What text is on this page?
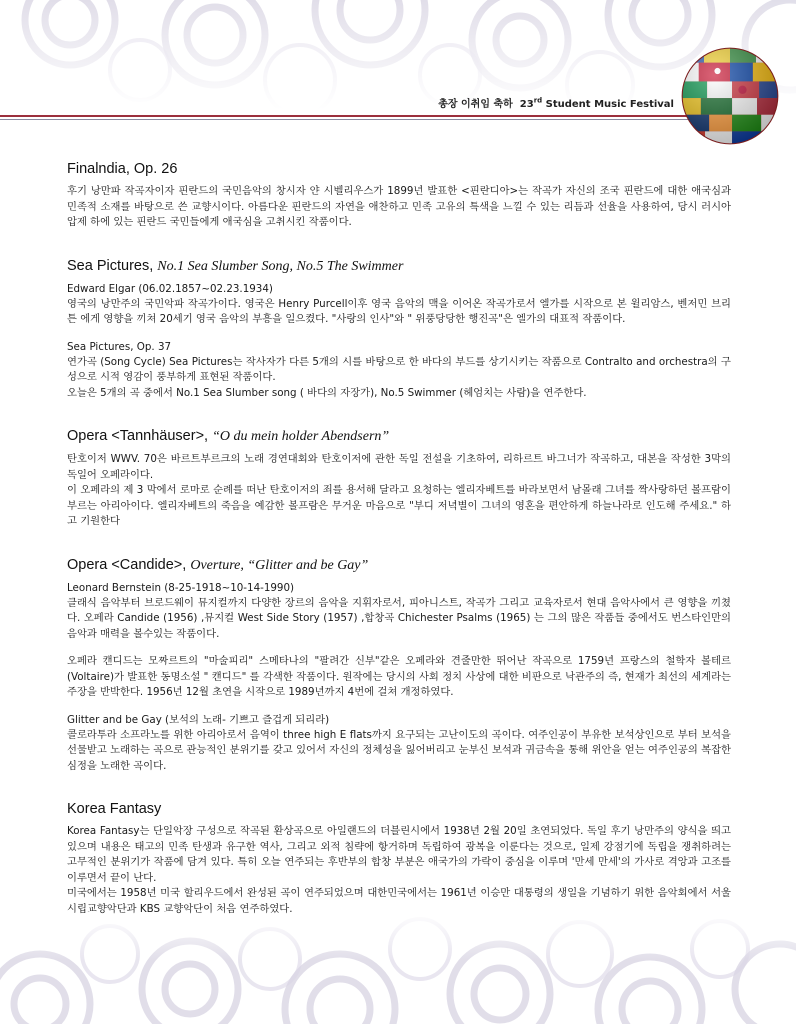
총장 이취임 축하 23rd Student Music Festival
Finalndia, Op. 26

후기 낭만파 작곡자이자 핀란드의 국민음악의 창시자 얀 시벨리우스가 1899년 발표한 <핀란디아>는 작곡가 자신의 조국 핀란드에 대한 애국심과 민족적 소재를 바탕으로 쓴 교향시이다. 아름다운 핀란드의 자연을 애찬하고 민족 고유의 특색을 느낄 수 있는 리듬과 선율을 사용하여, 당시 러시아 압제 하에 있는 핀란드 국민들에게 애국심을 고취시킨 작품이다.

Sea Pictures, No.1 Sea Slumber Song, No.5 The Swimmer

Edward Elgar (06.02.1857~02.23.1934)

영국의 낭만주의 국민악파 작곡가이다. 영국은 Henry Purcell이후 영국 음악의 맥을 이어온 작곡가로서 엘가를 시작으로 본 윌리암스, 벤저민 브리튼 에게 영향을 끼쳐 20세기 영국 음악의 부흥을 일으켰다. "사랑의 인사"와 " 위풍당당한 행진곡"은 엘가의 대표적 작품이다.

Sea Pictures, Op. 37

연가곡 (Song Cycle) Sea Pictures는 작사자가 다른 5개의 시를 바탕으로 한 바다의 부드를 상기시키는 작품으로 Contralto and orchestra의 구성으로 시적 영감이 풍부하게 표현된 작품이다.

오늘은 5개의 곡 중에서 No.1 Sea Slumber song ( 바다의 자장가), No.5 Swimmer (헤엄치는 사람)을 연주한다.

Opera <Tannhäuser>, “O du mein holder Abendsern”

탄호이저 WWV. 70은 바르트부르크의 노래 경연대회와 탄호이저에 관한 독일 전설을 기초하여, 리하르트 바그너가 작곡하고, 대본을 작성한 3막의 독일어 오페라이다.

이 오페라의 제 3 막에서 로마로 순례를 떠난 탄호이저의 죄를 용서해 달라고 요청하는 엘리자베트를 바라보면서 남몰래 그녀를 짝사랑하던 볼프람이 부르는 아리아이다. 엘리자베트의 죽음을 예감한 볼프람은 무거운 마음으로 "부디 저녁별이 그녀의 영혼을 편안하게 하늘나라로 인도해 주세요." 하고 기원한다

Opera <Candide>, Overture, “Glitter and be Gay”

Leonard Bernstein (8-25-1918~10-14-1990)

클래식 음악부터 브로드웨이 뮤지컬까지 다양한 장르의 음악을 지휘자로서, 피아니스트, 작곡가 그리고 교육자로서 현대 음악사에서 큰 영향을 끼쳤다. 오페라 Candide (1956) ,뮤지컬 West Side Story (1957) ,합창곡 Chichester Psalms (1965) 는 그의 많은 작품들 중에서도 번스타인만의 음악과 매력을 볼수있는 작품이다.

오페라 캔디드는 모짜르트의 "마술피리" 스메타나의 "팔려간 신부"같은 오페라와 견줄만한 뛰어난 작곡으로 1759년 프랑스의 철학자 볼테르(Voltaire)가 발표한 동명소설 " 캔디드" 를 각색한 작품이다. 원작에는 당시의 사회 정치 사상에 대한 비판으로 낙관주의 즉, 현재가 최선의 세계라는 주장을 반박한다. 1956년 12월 초연을 시작으로 1989년까지 4번에 걸쳐 개정하였다.

Glitter and be Gay (보석의 노래- 기쁘고 즐겁게 되리라)

콜로라투라 소프라노를 위한 아리아로서 음역이 three high E flats까지 요구되는 고난이도의 곡이다. 여주인공이 부유한 보석상인으로 부터 보석을 선물받고 노래하는 곡으로 관능적인 분위기를 갖고 있어서 자신의 정체성을 잃어버리고 눈부신 보석과 귀금속을 통해 위안을 얻는 여주인공의 복잡한 심정을 노래한 곡이다.

Korea Fantasy

Korea Fantasy는 단일악장 구성으로 작곡된 환상곡으로 아일랜드의 더블린시에서 1938년 2월 20일 초연되었다. 독일 후기 낭만주의 양식을 띄고 있으며 내용은 태고의 민족 탄생과 유구한 역사, 그리고 외적 침략에 항거하며 독립하여 광복을 이룬다는 것으로, 일제 강점기에 독립을 쟁취하려는 고무적인 분위기가 작품에 담겨 있다. 특히 오늘 연주되는 후반부의 합창 부분은 애국가의 가락이 중심을 이루며 '만세 만세'의 가사로 격앙과 고조를 이루면서 끝이 난다.

미국에서는 1958년 미국 할리우드에서 완성된 곡이 연주되었으며 대한민국에서는 1961년 이승만 대통령의 생일을 기념하기 위한 음악회에서 서울시립교향악단과 KBS 교향악단이 처음 연주하였다.
